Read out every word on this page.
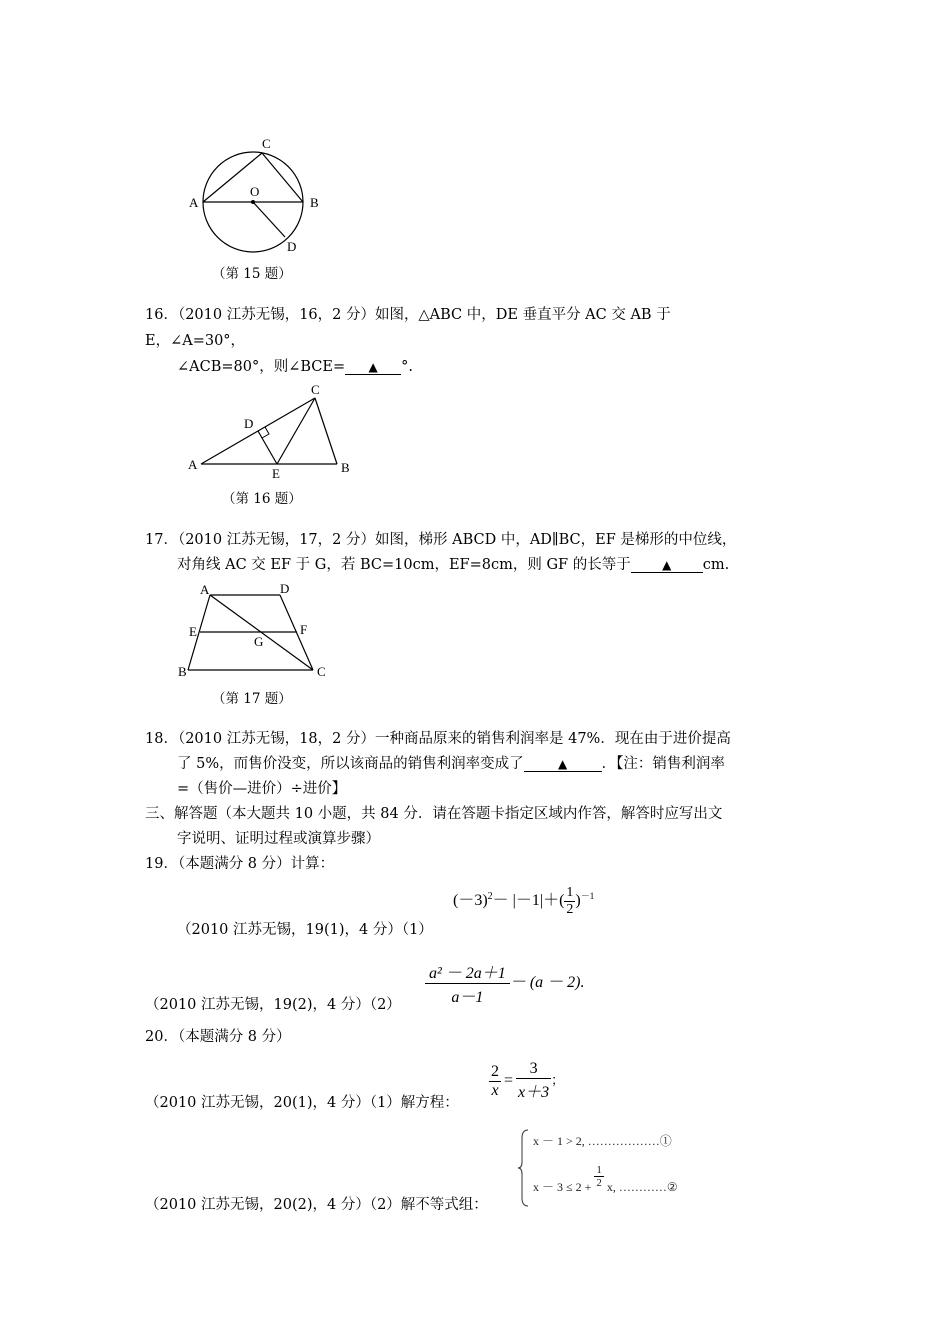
C
A
O
B
D
（第 15 题）
16．（2010 江苏无锡，16，2 分）如图，△ABC 中，DE 垂直平分 AC 交 AB 于
E，∠A=30°，
∠ACB=80°，则∠BCE= ▲ °.
C
D
A
E	B
（第 16 题）
17．（2010 江苏无锡，17，2 分）如图，梯形 ABCD 中，AD∥BC，EF 是梯形的中位线，
对角线 AC 交 EF 于 G，若 BC=10cm，EF=8cm，则 GF 的长等于	▲ cm.
A	D
E	F
G
B	C
（第 17 题）
18．（2010 江苏无锡，18，2 分）一种商品原来的销售利润率是 47%．现在由于进价提高
了 5%，而售价没变，所以该商品的销售利润率变成了	▲ ．【注：销售利润率
=（售价—进价）÷进价】
三、解答题（本大题共 10 小题，共 84 分．请在答题卡指定区域内作答，解答时应写出文
字说明、证明过程或演算步骤）
19．（本题满分 8 分）计算：
（2010 江苏无锡，19(1)，4 分）（1）
$(-3)^2- |-1|+( \frac{1}{2} )^{-1}$
（2010 江苏无锡，19(2)，4 分）$(2) \frac{\text{a² － 2a＋1}}{a-1} - (a - 2)$.
20．（本题满分 8 分）
（2010 江苏无锡，20(1)，4 分）（1）解方程：
$\frac{2}{x} = \frac{3}{x+3}$ ；
（2010 江苏无锡，20(2)，4 分）（2）解不等式组：
x － 1 > 2, ………………①
$x - 3 \le 2 + \frac{1}{2} x$, …………②
